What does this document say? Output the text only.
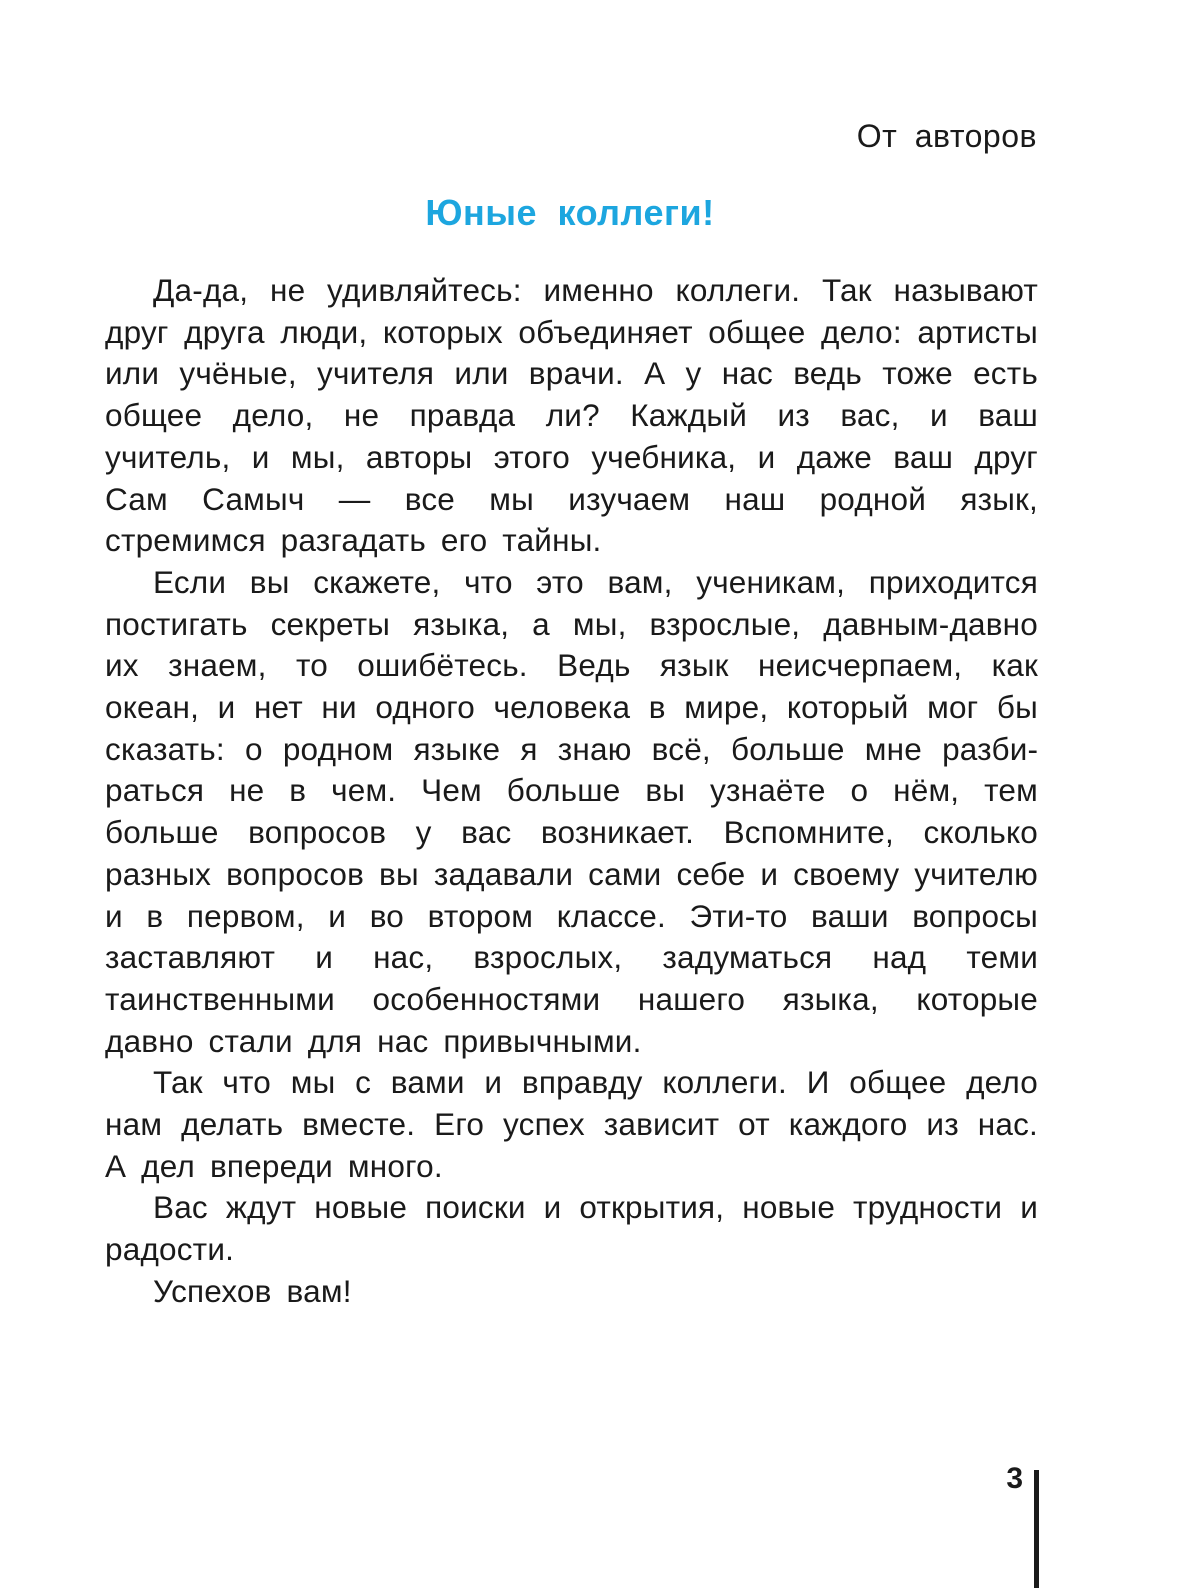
От авторов
Юные коллеги!

Да-да, не удивляйтесь: именно коллеги. Так называют друг друга люди, которых объединяет общее дело: артисты или учёные, учителя или врачи. А у нас ведь тоже есть общее дело, не правда ли? Каждый из вас, и ваш учитель, и мы, авторы этого учебника, и даже ваш друг Сам Самыч — все мы изучаем наш родной язык, стремимся разгадать его тайны.

Если вы скажете, что это вам, ученикам, приходится постигать секреты языка, а мы, взрослые, давным-давно их знаем, то ошибётесь. Ведь язык неисчерпаем, как океан, и нет ни одного человека в мире, который мог бы сказать: о родном языке я знаю всё, больше мне разбираться не в чем. Чем больше вы узнаёте о нём, тем больше вопросов у вас возникает. Вспомните, сколько разных вопросов вы задавали сами себе и своему учителю и в первом, и во втором классе. Эти-то ваши вопросы заставляют и нас, взрослых, задуматься над теми таинственными особенностями нашего языка, которые давно стали для нас привычными.

Так что мы с вами и вправду коллеги. И общее дело нам делать вместе. Его успех зависит от каждого из нас. А дел впереди много.

Вас ждут новые поиски и открытия, новые трудности и радости.

Успехов вам!

3
